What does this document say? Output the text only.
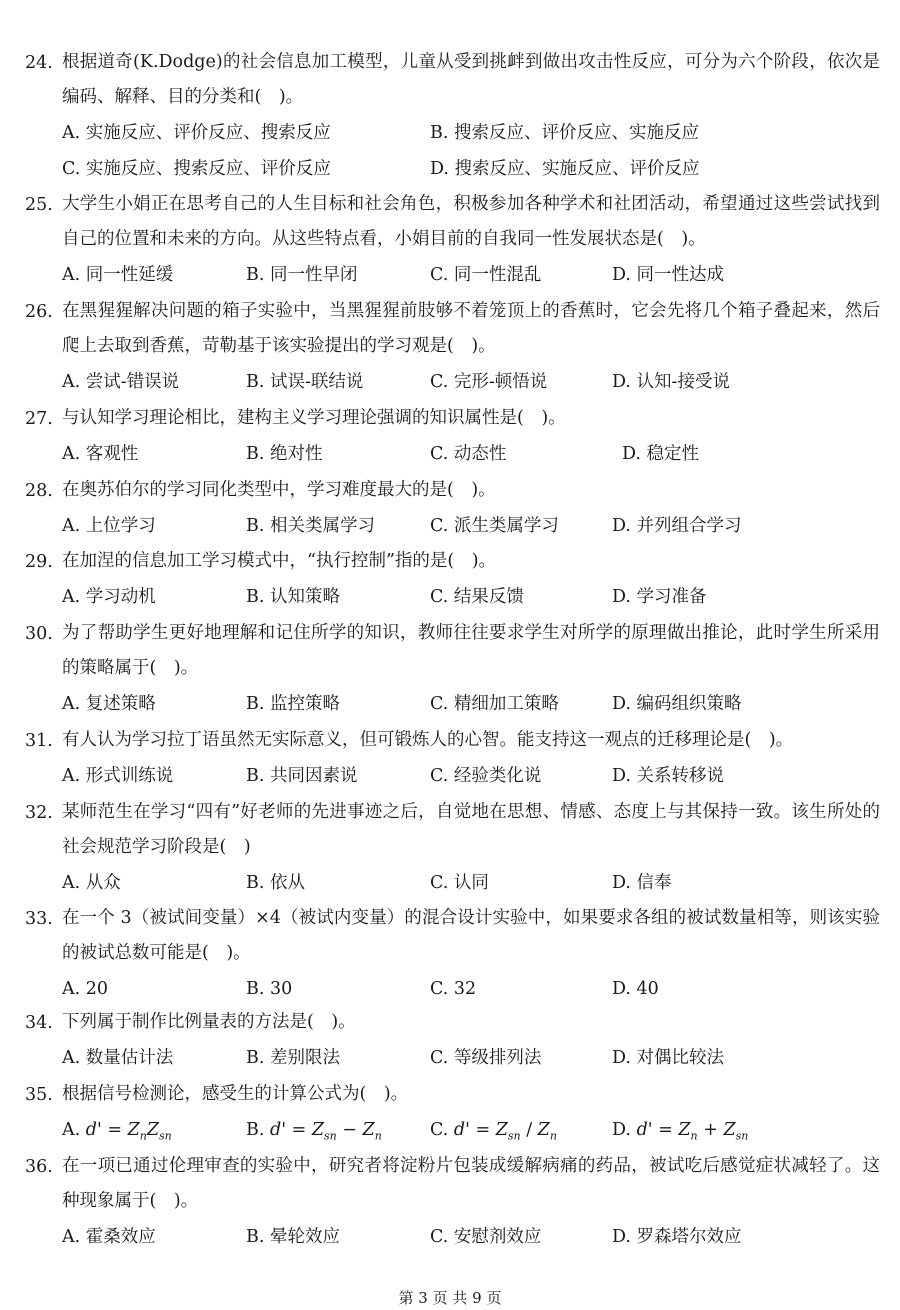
24. 根据道奇(K.Dodge)的社会信息加工模型，儿童从受到挑衅到做出攻击性反应，可分为六个阶段，依次是编码、解释、目的分类和(　)。
A. 实施反应、评价反应、搜索反应	B. 搜索反应、评价反应、实施反应
C. 实施反应、搜索反应、评价反应	D. 搜索反应、实施反应、评价反应
25. 大学生小娟正在思考自己的人生目标和社会角色，积极参加各种学术和社团活动，希望通过这些尝试找到自己的位置和未来的方向。从这些特点看，小娟目前的自我同一性发展状态是(　)。
A. 同一性延缓	B. 同一性早闭	C. 同一性混乱	D. 同一性达成
26. 在黑猩猩解决问题的箱子实验中，当黑猩猩前肢够不着笼顶上的香蕉时，它会先将几个箱子叠起来，然后爬上去取到香蕉，苛勒基于该实验提出的学习观是(　)。
A. 尝试-错误说	B. 试误-联结说	C. 完形-顿悟说	D. 认知-接受说
27. 与认知学习理论相比，建构主义学习理论强调的知识属性是(　)。
A. 客观性	B. 绝对性	C. 动态性	D. 稳定性
28. 在奥苏伯尔的学习同化类型中，学习难度最大的是(　)。
A. 上位学习	B. 相关类属学习	C. 派生类属学习	D. 并列组合学习
29. 在加涅的信息加工学习模式中，“执行控制”指的是(　)。
A. 学习动机	B. 认知策略	C. 结果反馈	D. 学习准备
30. 为了帮助学生更好地理解和记住所学的知识，教师往往要求学生对所学的原理做出推论，此时学生所采用的策略属于(　)。
A. 复述策略	B. 监控策略	C. 精细加工策略	D. 编码组织策略
31. 有人认为学习拉丁语虽然无实际意义，但可锻炼人的心智。能支持这一观点的迁移理论是(　)。
A. 形式训练说	B. 共同因素说	C. 经验类化说	D. 关系转移说
32. 某师范生在学习“四有”好老师的先进事迹之后，自觉地在思想、情感、态度上与其保持一致。该生所处的社会规范学习阶段是(　)
A. 从众	B. 依从	C. 认同	D. 信奉
33. 在一个 3（被试间变量）×4（被试内变量）的混合设计实验中，如果要求各组的被试数量相等，则该实验的被试总数可能是(　)。
A. 20	B. 30	C. 32	D. 40
34. 下列属于制作比例量表的方法是(　)。
A. 数量估计法	B. 差别限法	C. 等级排列法	D. 对偶比较法
35. 根据信号检测论，感受生的计算公式为(　)。
A. $d' = Z_nZ_{sn}$	B. $d' = Z_{sn} - Z_n$	C. $d' = Z_{sn} / Z_n$	D. $d' = Z_n + Z_{sn}$
36. 在一项已通过伦理审查的实验中，研究者将淀粉片包装成缓解病痛的药品，被试吃后感觉症状减轻了。这种现象属于(　)。
A. 霍桑效应	B. 晕轮效应	C. 安慰剂效应	D. 罗森塔尔效应
第 3 页 共 9 页
